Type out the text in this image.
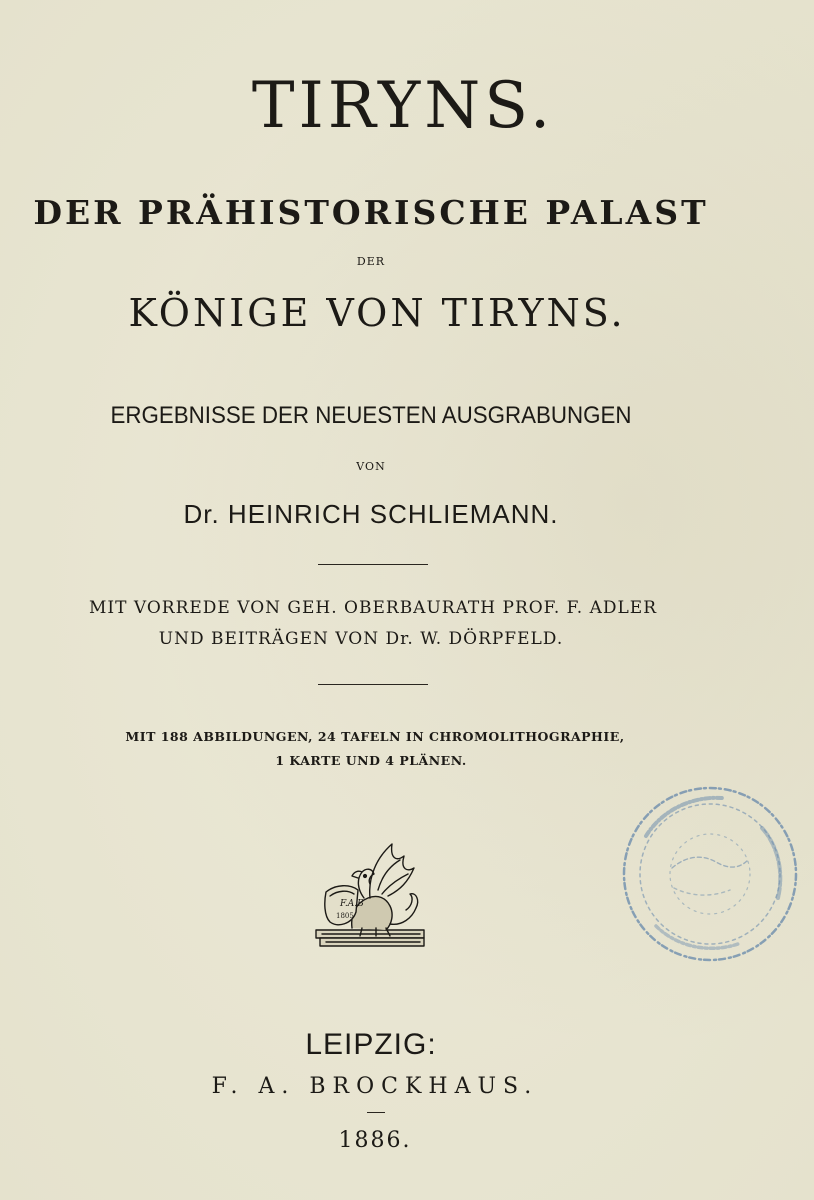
TIRYNS.
DER PRÄHISTORISCHE PALAST
DER
KÖNIGE VON TIRYNS.
ERGEBNISSE DER NEUESTEN AUSGRABUNGEN
VON
Dr. HEINRICH SCHLIEMANN.
MIT VORREDE VON GEH. OBERBAURATH PROF. F. ADLER
UND BEITRÄGEN VON Dr. W. DÖRPFELD.
MIT 188 ABBILDUNGEN, 24 TAFELN IN CHROMOLITHOGRAPHIE,
1 KARTE UND 4 PLÄNEN.
F.A.B
1805
LEIPZIG:
F. A. BROCKHAUS.
1886.
